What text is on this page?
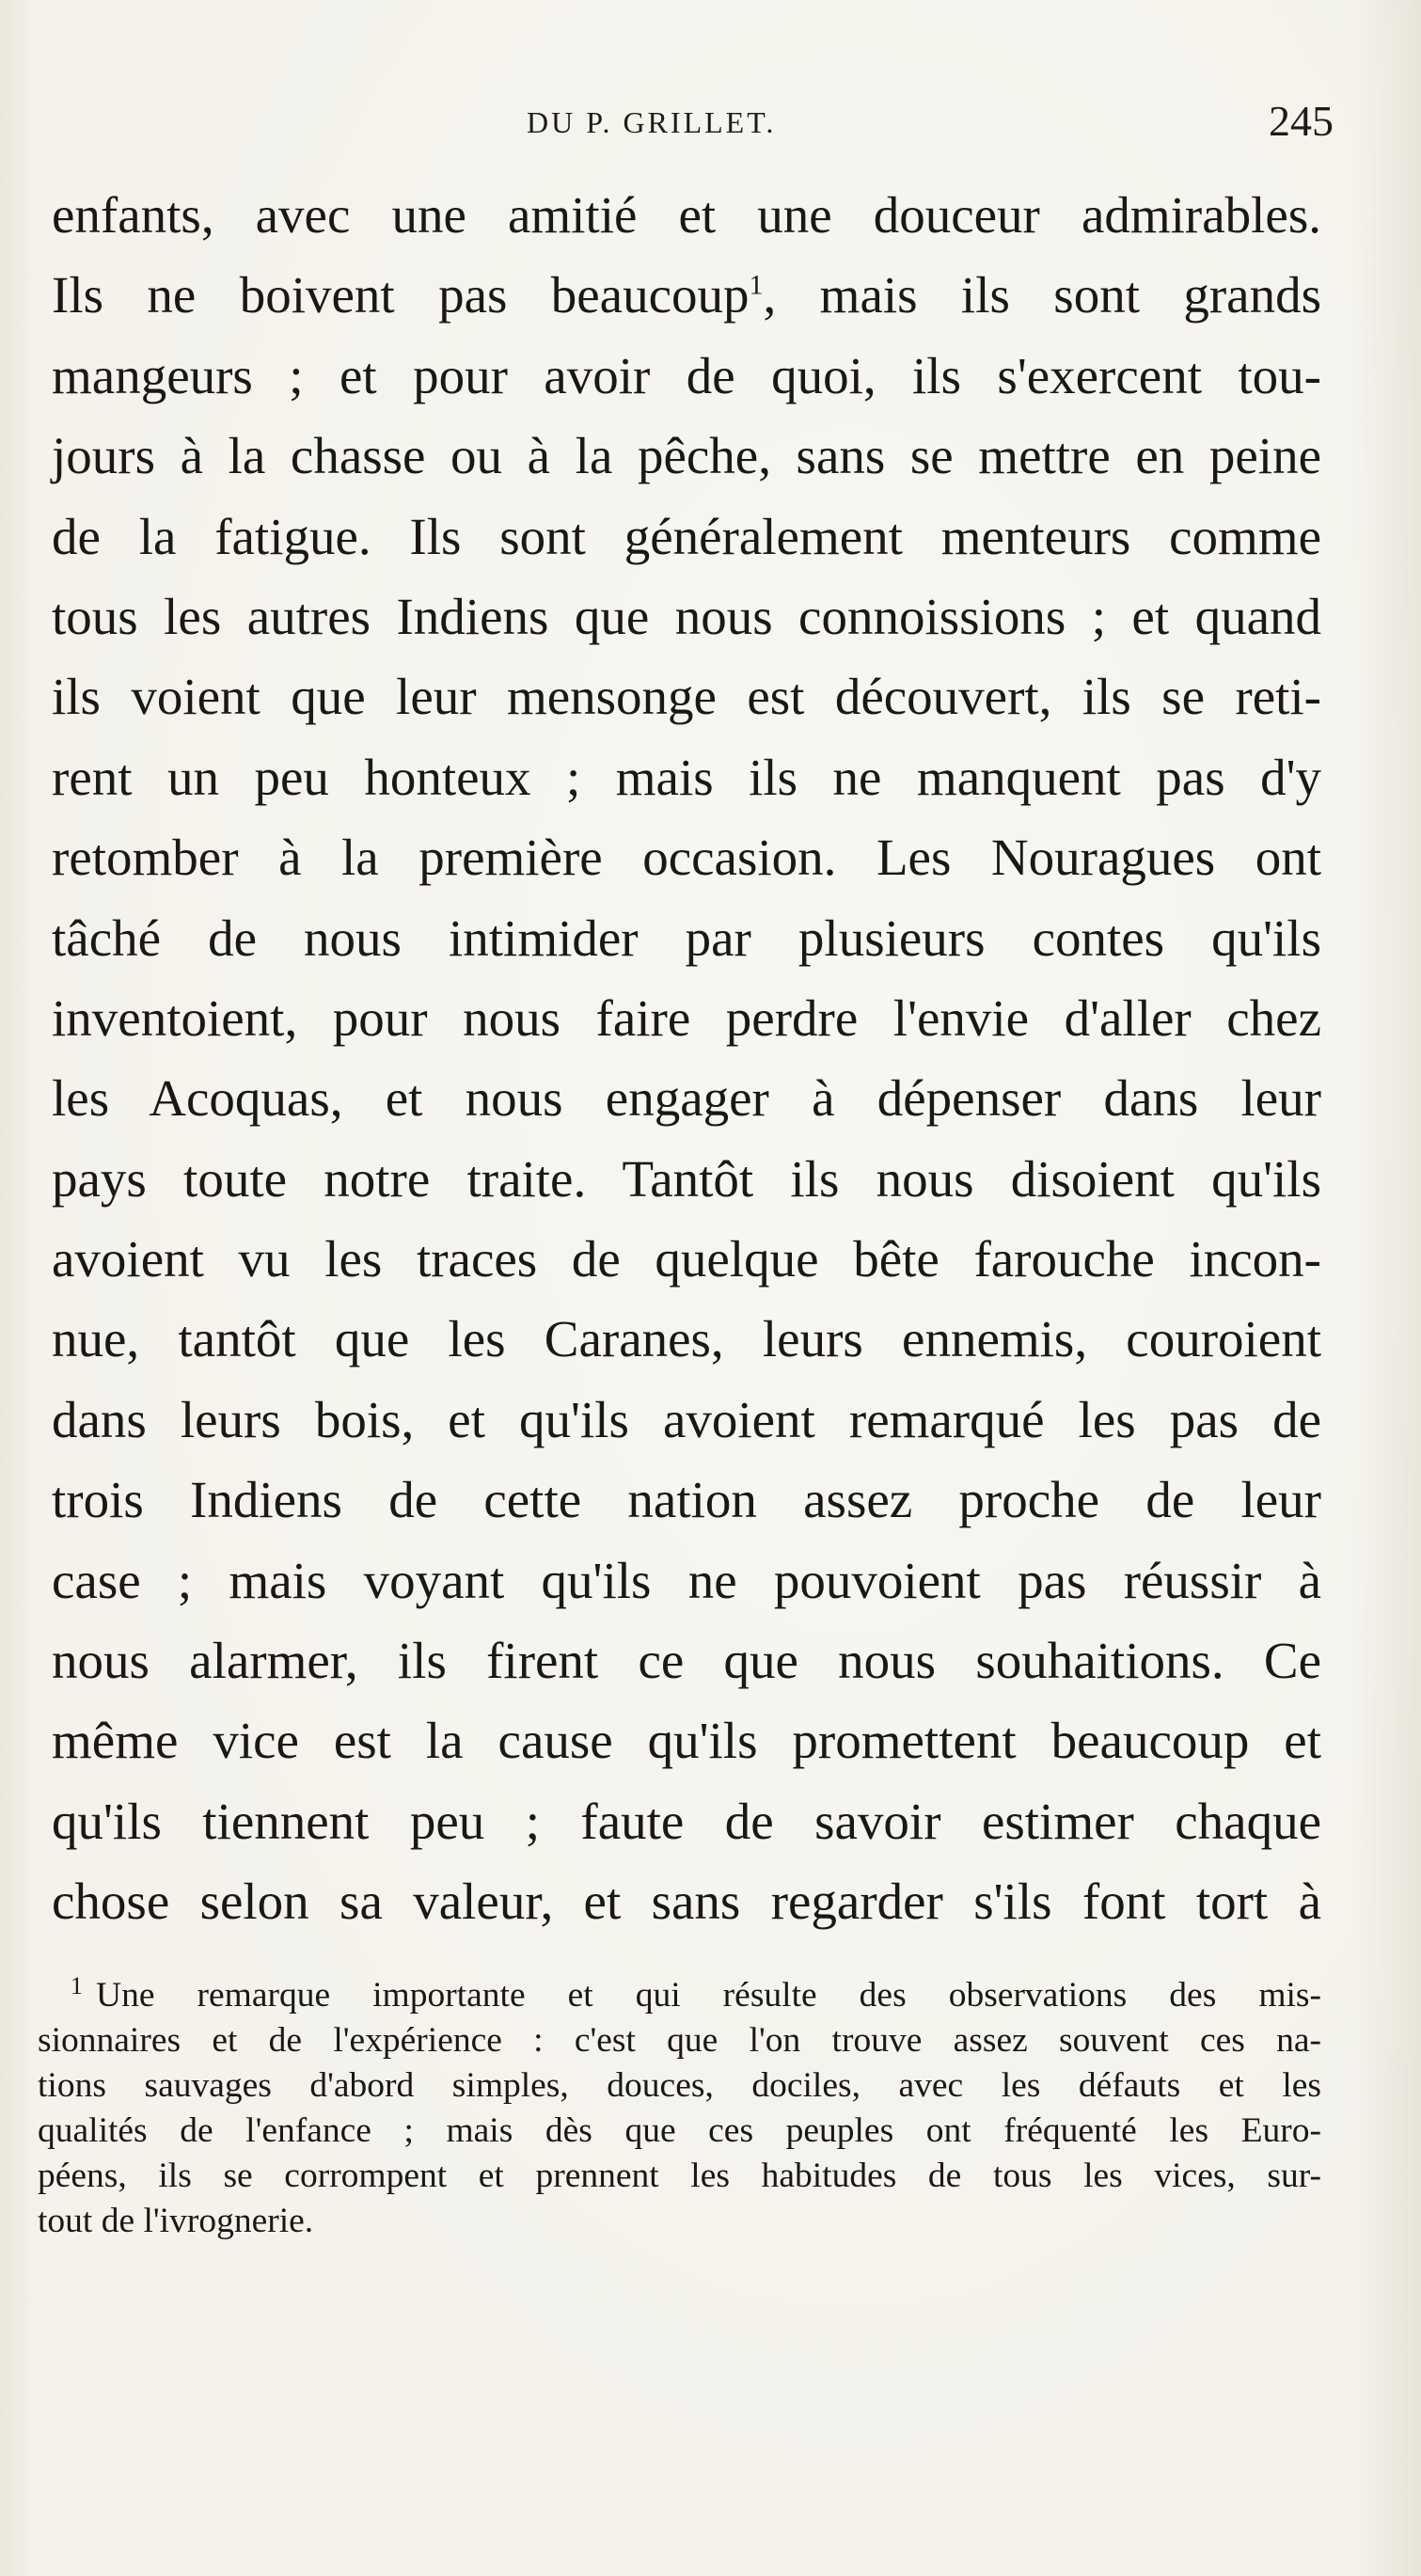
DU P. GRILLET.	245
enfants, avec une amitié et une douceur admirables.
Ils ne boivent pas beaucoup$^1$, mais ils sont grands
mangeurs ; et pour avoir de quoi, ils s'exercent tou-
jours à la chasse ou à la pêche, sans se mettre en peine
de la fatigue. Ils sont généralement menteurs comme
tous les autres Indiens que nous connoissions ; et quand
ils voient que leur mensonge est découvert, ils se reti-
rent un peu honteux ; mais ils ne manquent pas d'y
retomber à la première occasion. Les Nouragues ont
tâché de nous intimider par plusieurs contes qu'ils
inventoient, pour nous faire perdre l'envie d'aller chez
les Acoquas, et nous engager à dépenser dans leur
pays toute notre traite. Tantôt ils nous disoient qu'ils
avoient vu les traces de quelque bête farouche incon-
nue, tantôt que les Caranes, leurs ennemis, couroient
dans leurs bois, et qu'ils avoient remarqué les pas de
trois Indiens de cette nation assez proche de leur
case ; mais voyant qu'ils ne pouvoient pas réussir à
nous alarmer, ils firent ce que nous souhaitions. Ce
même vice est la cause qu'ils promettent beaucoup et
qu'ils tiennent peu ; faute de savoir estimer chaque
chose selon sa valeur, et sans regarder s'ils font tort à
$^1$ Une remarque importante et qui résulte des observations des mis-
sionnaires et de l'expérience : c'est que l'on trouve assez souvent ces na-
tions sauvages d'abord simples, douces, dociles, avec les défauts et les
qualités de l'enfance ; mais dès que ces peuples ont fréquenté les Euro-
péens, ils se corrompent et prennent les habitudes de tous les vices, sur-
tout de l'ivrognerie.
